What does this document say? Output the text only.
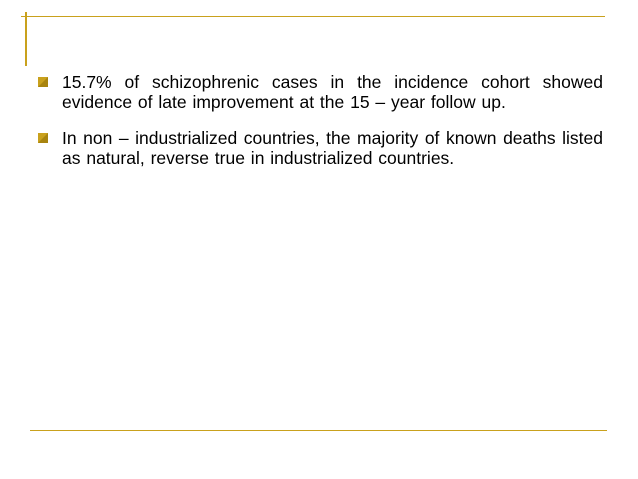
15.7% of schizophrenic cases in the incidence cohort showed evidence of late improvement at the 15 – year follow up.
In non – industrialized countries, the majority of known deaths listed as natural, reverse true in industrialized countries.
